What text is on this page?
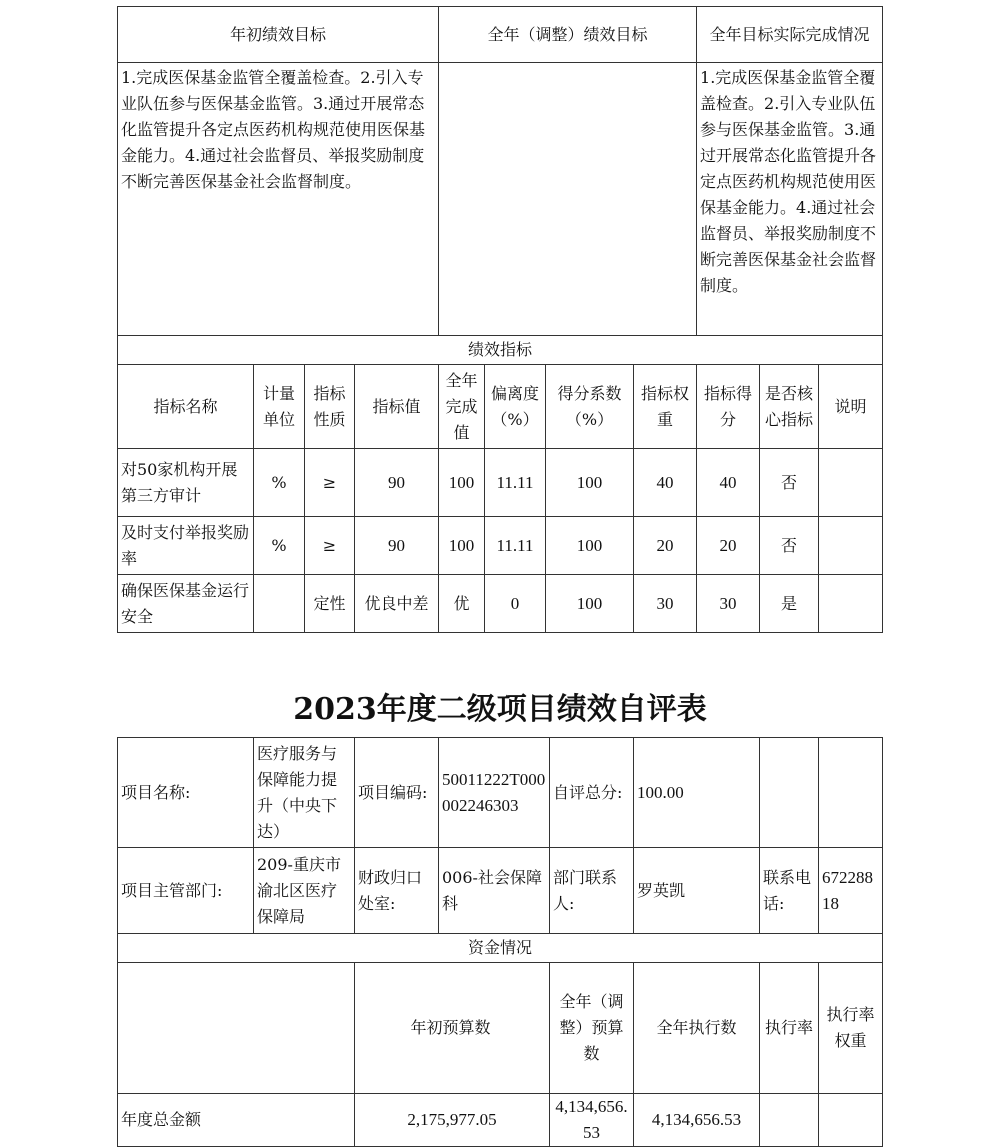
年初绩效目标				全年（调整）绩效目标				全年目标实际完成情况		
1.完成医保基金监管全覆盖检查。2.引入专业队伍参与医保基金监管。3.通过开展常态化监管提升各定点医药机构规范使用医保基金能力。4.通过社会监督员、举报奖励制度不断完善医保基金社会监督制度。								1.完成医保基金监管全覆盖检查。2.引入专业队伍参与医保基金监管。3.通过开展常态化监管提升各定点医药机构规范使用医保基金能力。4.通过社会监督员、举报奖励制度不断完善医保基金社会监督制度。		
绩效指标										
指标名称	计量单位	指标性质	指标值	全年完成值	偏离度（%）	得分系数（%）	指标权重	指标得分	是否核心指标	说明
对50家机构开展第三方审计	%	≥	90	100	11.11	100	40	40	否	
及时支付举报奖励率	%	≥	90	100	11.11	100	20	20	否	
确保医保基金运行安全		定性	优良中差	优	0	100	30	30	是	
2023年度二级项目绩效自评表
项目名称:	医疗服务与保障能力提升（中央下达）	项目编码:	50011222T000002246303	自评总分:	100.00			
项目主管部门:	209-重庆市渝北区医疗保障局	财政归口处室:	006-社会保障科	部门联系人:	罗英凯	联系电话:	67228818	
资金情况								
		年初预算数		全年（调整）预算数	全年执行数	执行率	执行率权重	
年度总金额		2,175,977.05		4,134,656.53	4,134,656.53			
